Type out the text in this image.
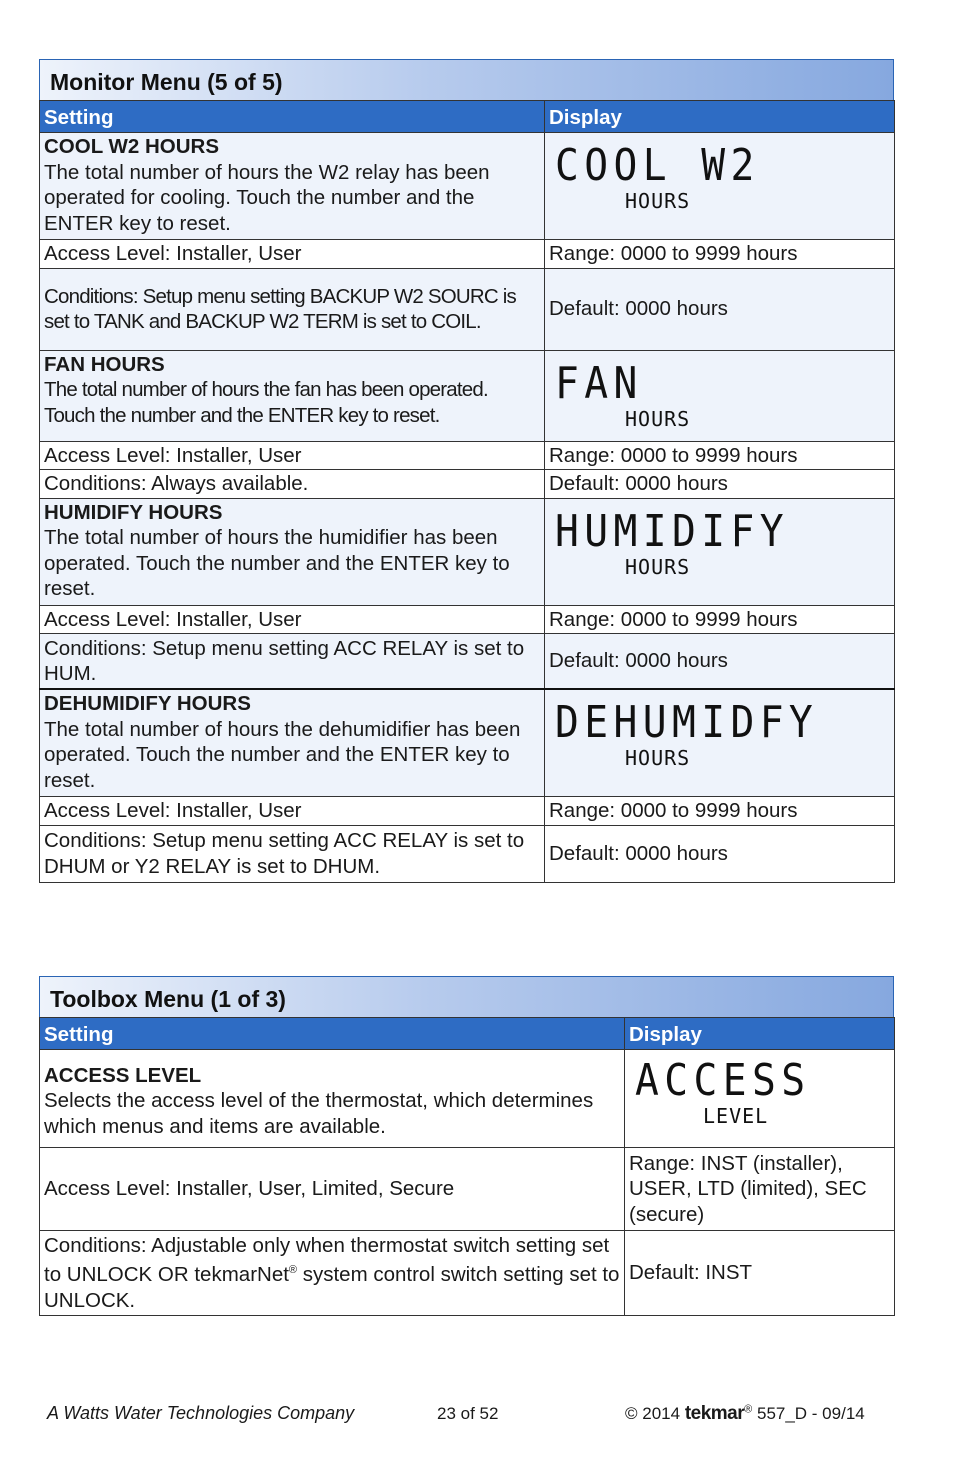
Monitor Menu (5 of 5)
Setting	Display

COOL W2 HOURS
The total number of hours the W2 relay has been operated for cooling. Touch the number and the ENTER key to reset.	COOL W2
HOURS

Access Level: Installer, User	Range: 0000 to 9999 hours
Conditions: Setup menu setting BACKUP W2 SOURC is set to TANK and BACKUP W2 TERM is set to COIL.	Default: 0000 hours

FAN HOURS
The total number of hours the fan has been operated. Touch the number and the ENTER key to reset.	FAN
HOURS

Access Level: Installer, User	Range: 0000 to 9999 hours
Conditions: Always available.	Default: 0000 hours

HUMIDIFY HOURS
The total number of hours the humidifier has been operated. Touch the number and the ENTER key to reset.	HUMIDIFY
HOURS

Access Level: Installer, User	Range: 0000 to 9999 hours
Conditions: Setup menu setting ACC RELAY is set to HUM.	Default: 0000 hours

DEHUMIDIFY HOURS
The total number of hours the dehumidifier has been operated. Touch the number and the ENTER key to reset.	DEHUMIDFY
HOURS

Access Level: Installer, User	Range: 0000 to 9999 hours
Conditions: Setup menu setting ACC RELAY is set to DHUM or Y2 RELAY is set to DHUM.	Default: 0000 hours
Toolbox Menu (1 of 3)
Setting	Display

ACCESS LEVEL
Selects the access level of the thermostat, which determines which menus and items are available.	ACCESS
LEVEL

Access Level: Installer, User, Limited, Secure	Range: INST (installer), USER, LTD (limited), SEC (secure)
Conditions: Adjustable only when thermostat switch setting set to UNLOCK OR tekmarNet® system control switch setting set to UNLOCK.	Default: INST
A Watts Water Technologies Company	23 of 52	© 2014 tekmar® 557_D - 09/14
